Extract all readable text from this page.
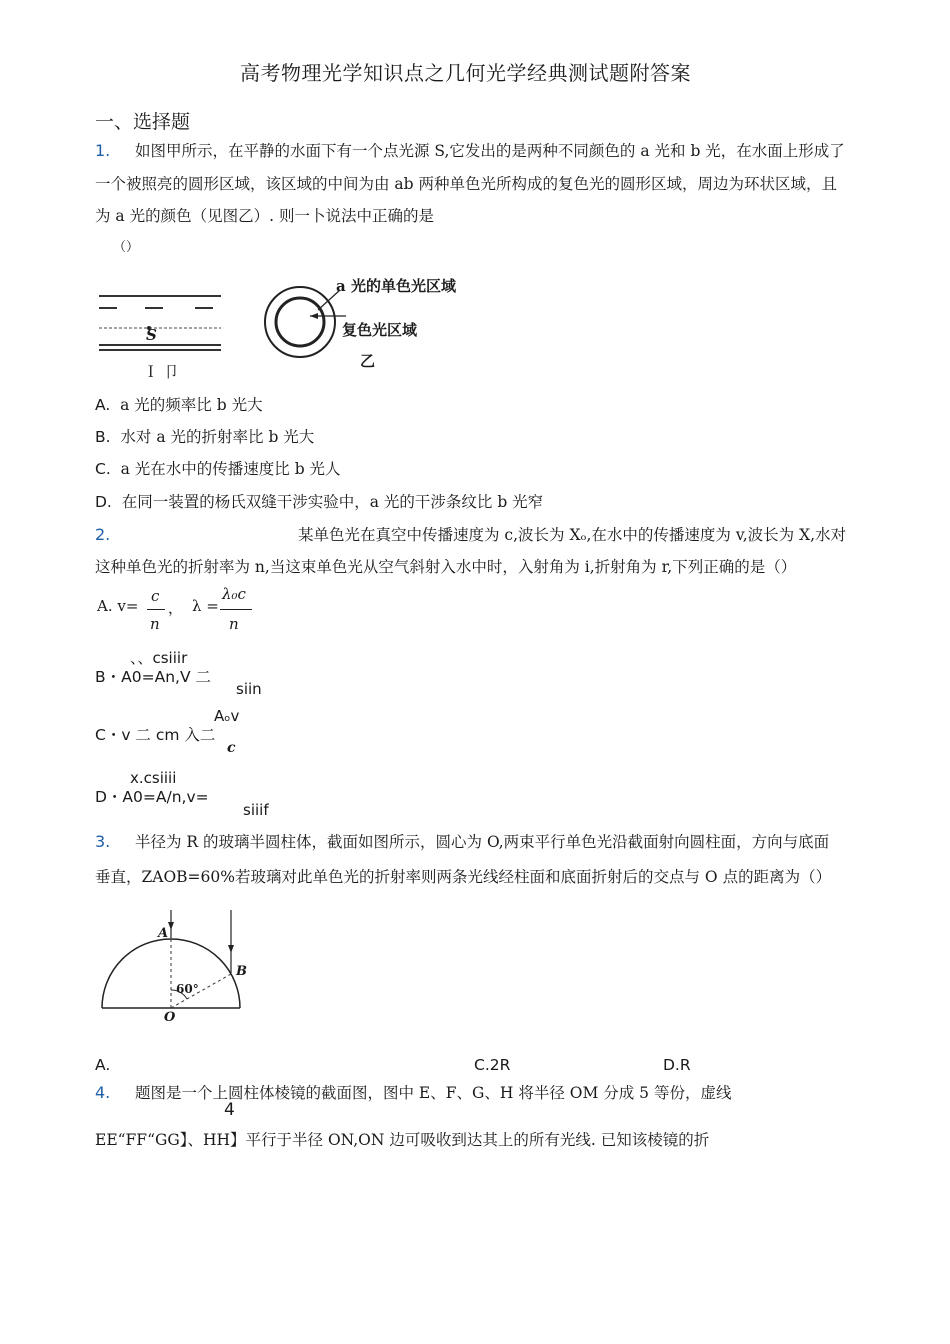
高考物理光学知识点之几何光学经典测试题附答案
一、选择题
1. 如图甲所示，在平静的水面下有一个点光源 S,它发出的是两种不同颜色的 a 光和 b 光，在水面上形成了
一个被照亮的圆形区域，该区域的中间为由 ab 两种单色光所构成的复色光的圆形区域，周边为环状区域，且
为 a 光的颜色（见图乙）. 则一卜说法中正确的是
（）
S
Ｉ 卩
a 光的单色光区域
复色光区域
乙
A. a 光的频率比 b 光大
B. 水对 a 光的折射率比 b 光大
C. a 光在水中的传播速度比 b 光人
D. 在同一装置的杨氏双缝干涉实验中，a 光的干涉条纹比 b 光窄
2.	某单色光在真空中传播速度为 c,波长为 Xₒ,在水中的传播速度为 v,波长为 X,水对
这种单色光的折射率为 n,当这束单色光从空气斜射入水中时，入射角为 i,折射角为 r,下列正确的是（）
A. v=
c
n
， λ =
λ₀c
n
、、csiiir
B・A0=An,V 二
siin
Aₒv
C・v 二 cm 入二
c
x.csiiii
D・A0=A/n,v=
siiif
3. 半径为 R 的玻璃半圆柱体，截面如图所示，圆心为 O,两束平行单色光沿截面射向圆柱面，方向与底面
垂直，ZAOB=60%若玻璃对此单色光的折射率则两条光线经柱面和底面折射后的交点与 O 点的距离为（）
A
B
O
60°
A.	C.2R	D.R
4. 题图是一个上圆柱体棱镜的截面图，图中 E、F、G、H 将半径 OM 分成 5 等份，虚线
4
EE“FF“GG】、HH】平行于半径 ON,ON 边可吸收到达其上的所有光线. 已知该棱镜的折
